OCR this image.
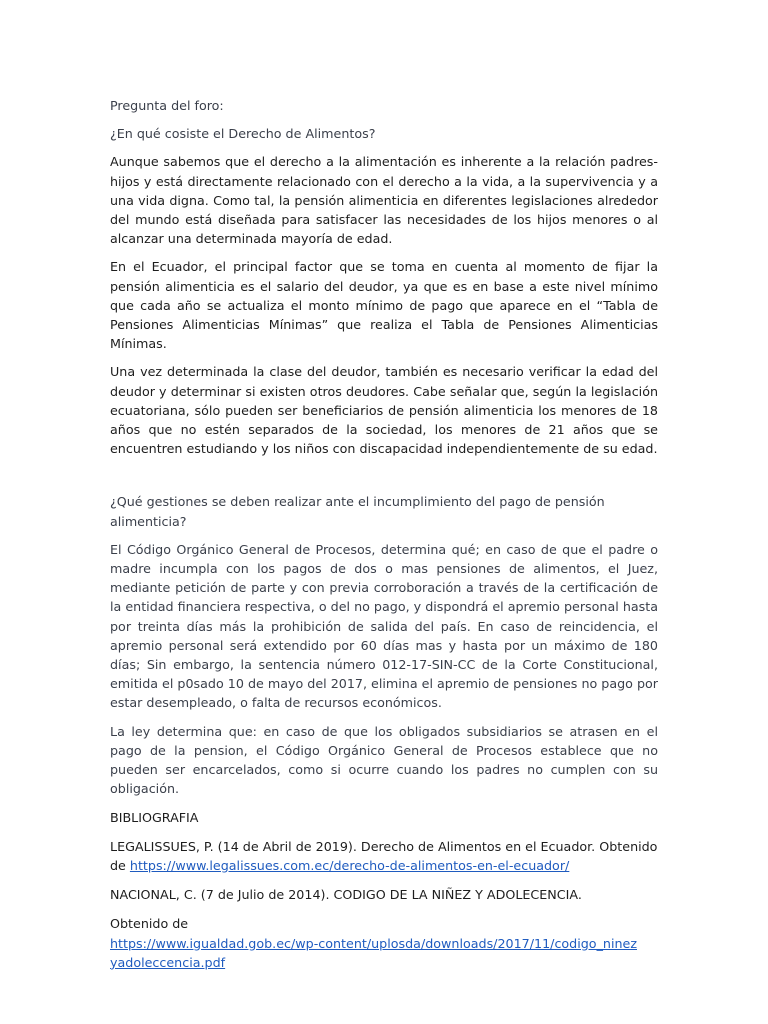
Pregunta del foro:

¿En qué cosiste el Derecho de Alimentos?

Aunque sabemos que el derecho a la alimentación es inherente a la relación padres-hijos y está directamente relacionado con el derecho a la vida, a la supervivencia y a una vida digna. Como tal, la pensión alimenticia en diferentes legislaciones alrededor del mundo está diseñada para satisfacer las necesidades de los hijos menores o al alcanzar una determinada mayoría de edad.

En el Ecuador, el principal factor que se toma en cuenta al momento de fijar la pensión alimenticia es el salario del deudor, ya que es en base a este nivel mínimo que cada año se actualiza el monto mínimo de pago que aparece en el “Tabla de Pensiones Alimenticias Mínimas” que realiza el Tabla de Pensiones Alimenticias Mínimas.

Una vez determinada la clase del deudor, también es necesario verificar la edad del deudor y determinar si existen otros deudores. Cabe señalar que, según la legislación ecuatoriana, sólo pueden ser beneficiarios de pensión alimenticia los menores de 18 años que no estén separados de la sociedad, los menores de 21 años que se encuentren estudiando y los niños con discapacidad independientemente de su edad.

¿Qué gestiones se deben realizar ante el incumplimiento del pago de pensión alimenticia?

El Código Orgánico General de Procesos, determina qué; en caso de que el padre o madre incumpla con los pagos de dos o mas pensiones de alimentos, el Juez, mediante petición de parte y con previa corroboración a través de la certificación de la entidad financiera respectiva, o del no pago, y dispondrá el apremio personal hasta por treinta días más la prohibición de salida del país. En caso de reincidencia, el apremio personal será extendido por 60 días mas y hasta por un máximo de 180 días; Sin embargo, la sentencia número 012-17-SIN-CC de la Corte Constitucional, emitida el p0sado 10 de mayo del 2017, elimina el apremio de pensiones no pago por estar desempleado, o falta de recursos económicos.

La ley determina que: en caso de que los obligados subsidiarios se atrasen en el pago de la pension, el Código Orgánico General de Procesos establece que no pueden ser encarcelados, como si ocurre cuando los padres no cumplen con su obligación.

BIBLIOGRAFIA

LEGALISSUES, P. (14 de Abril de 2019). Derecho de Alimentos en el Ecuador. Obtenido de https://www.legalissues.com.ec/derecho-de-alimentos-en-el-ecuador/

NACIONAL, C. (7 de Julio de 2014). CODIGO DE LA NIÑEZ Y ADOLECENCIA.

Obtenido de

https://www.igualdad.gob.ec/wp-content/uplosda/downloads/2017/11/codigo_ninez
yadoleccencia.pdf
